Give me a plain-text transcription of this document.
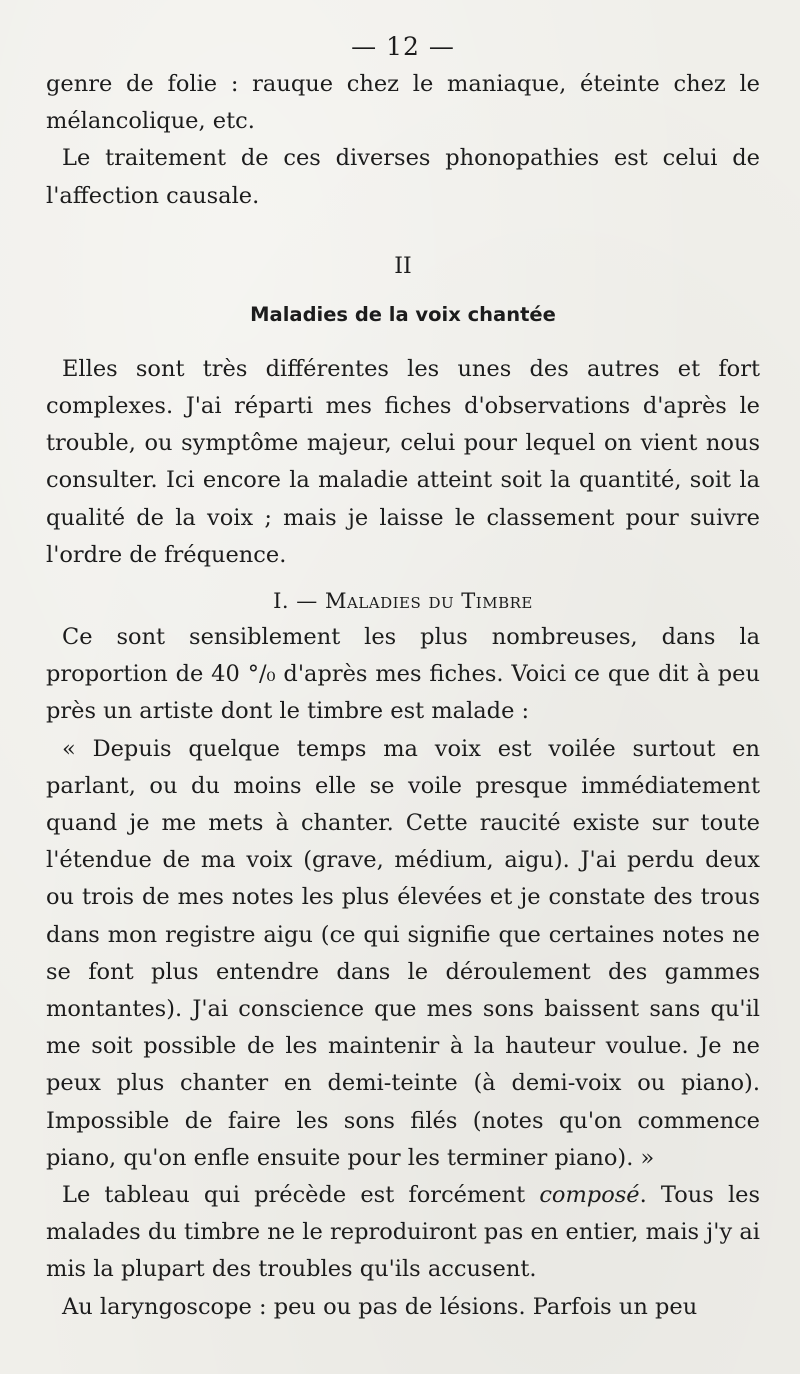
— 12 —

genre de folie : rauque chez le maniaque, éteinte chez le mélancolique, etc.

Le traitement de ces diverses phonopathies est celui de l'affection causale.

II
Maladies de la voix chantée

Elles sont très différentes les unes des autres et fort complexes. J'ai réparti mes fiches d'observations d'après le trouble, ou symptôme majeur, celui pour lequel on vient nous consulter. Ici encore la maladie atteint soit la quantité, soit la qualité de la voix ; mais je laisse le classement pour suivre l'ordre de fréquence.

I. — Maladies du Timbre

Ce sont sensiblement les plus nombreuses, dans la proportion de 40 °/₀ d'après mes fiches. Voici ce que dit à peu près un artiste dont le timbre est malade :

« Depuis quelque temps ma voix est voilée surtout en parlant, ou du moins elle se voile presque immédiatement quand je me mets à chanter. Cette raucité existe sur toute l'étendue de ma voix (grave, médium, aigu). J'ai perdu deux ou trois de mes notes les plus élevées et je constate des trous dans mon registre aigu (ce qui signifie que certaines notes ne se font plus entendre dans le déroulement des gammes montantes). J'ai conscience que mes sons baissent sans qu'il me soit possible de les maintenir à la hauteur voulue. Je ne peux plus chanter en demi-teinte (à demi-voix ou piano). Impossible de faire les sons filés (notes qu'on commence piano, qu'on enfle ensuite pour les terminer piano). »

Le tableau qui précède est forcément composé. Tous les malades du timbre ne le reproduiront pas en entier, mais j'y ai mis la plupart des troubles qu'ils accusent.

Au laryngoscope : peu ou pas de lésions. Parfois un peu
